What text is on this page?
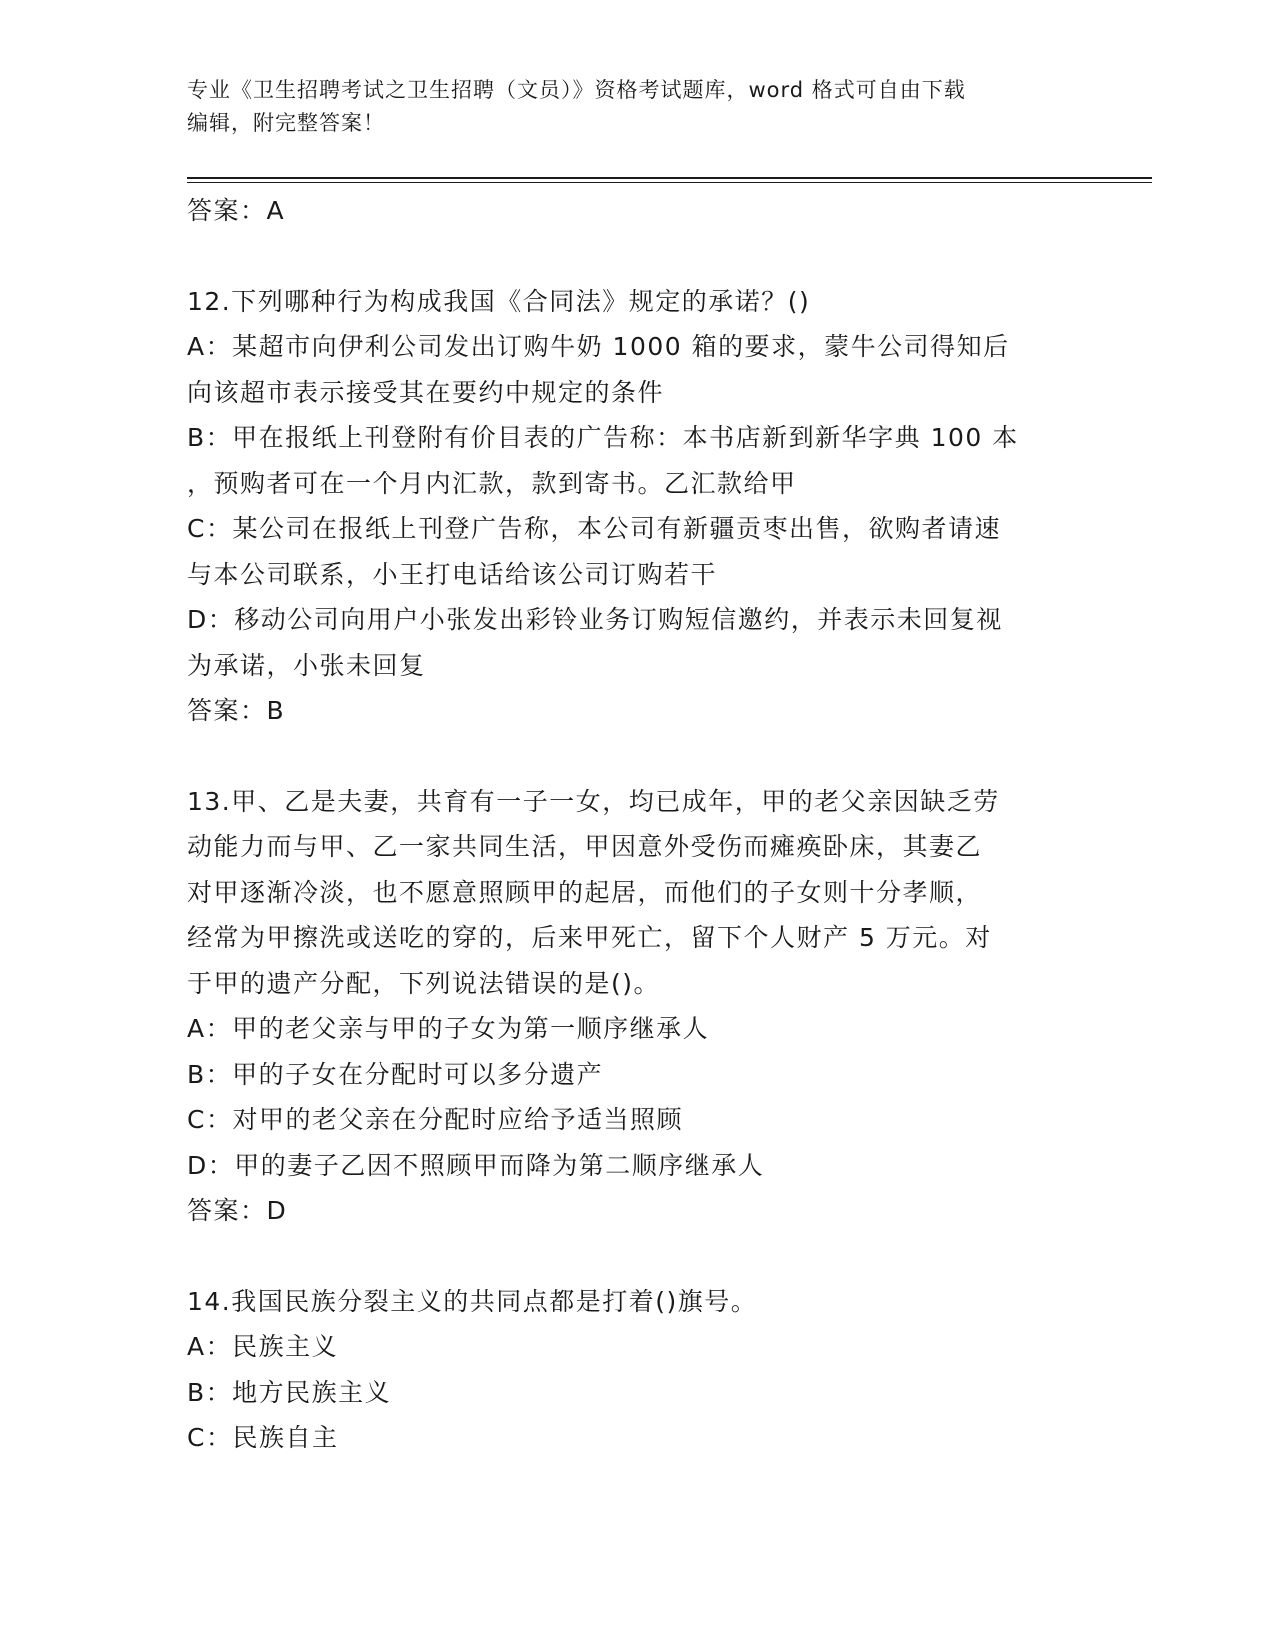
专业《卫生招聘考试之卫生招聘（文员）》资格考试题库，word 格式可自由下载
编辑，附完整答案！
答案：A
12.下列哪种行为构成我国《合同法》规定的承诺？()
A：某超市向伊利公司发出订购牛奶 1000 箱的要求，蒙牛公司得知后
向该超市表示接受其在要约中规定的条件
B：甲在报纸上刊登附有价目表的广告称：本书店新到新华字典 100 本
，预购者可在一个月内汇款，款到寄书。乙汇款给甲
C：某公司在报纸上刊登广告称，本公司有新疆贡枣出售，欲购者请速
与本公司联系，小王打电话给该公司订购若干
D：移动公司向用户小张发出彩铃业务订购短信邀约，并表示未回复视
为承诺，小张未回复
答案：B
13.甲、乙是夫妻，共育有一子一女，均已成年，甲的老父亲因缺乏劳
动能力而与甲、乙一家共同生活，甲因意外受伤而瘫痪卧床，其妻乙
对甲逐渐冷淡，也不愿意照顾甲的起居，而他们的子女则十分孝顺，
经常为甲擦洗或送吃的穿的，后来甲死亡，留下个人财产 5 万元。对
于甲的遗产分配，下列说法错误的是()。
A：甲的老父亲与甲的子女为第一顺序继承人
B：甲的子女在分配时可以多分遗产
C：对甲的老父亲在分配时应给予适当照顾
D：甲的妻子乙因不照顾甲而降为第二顺序继承人
答案：D
14.我国民族分裂主义的共同点都是打着()旗号。
A：民族主义
B：地方民族主义
C：民族自主
